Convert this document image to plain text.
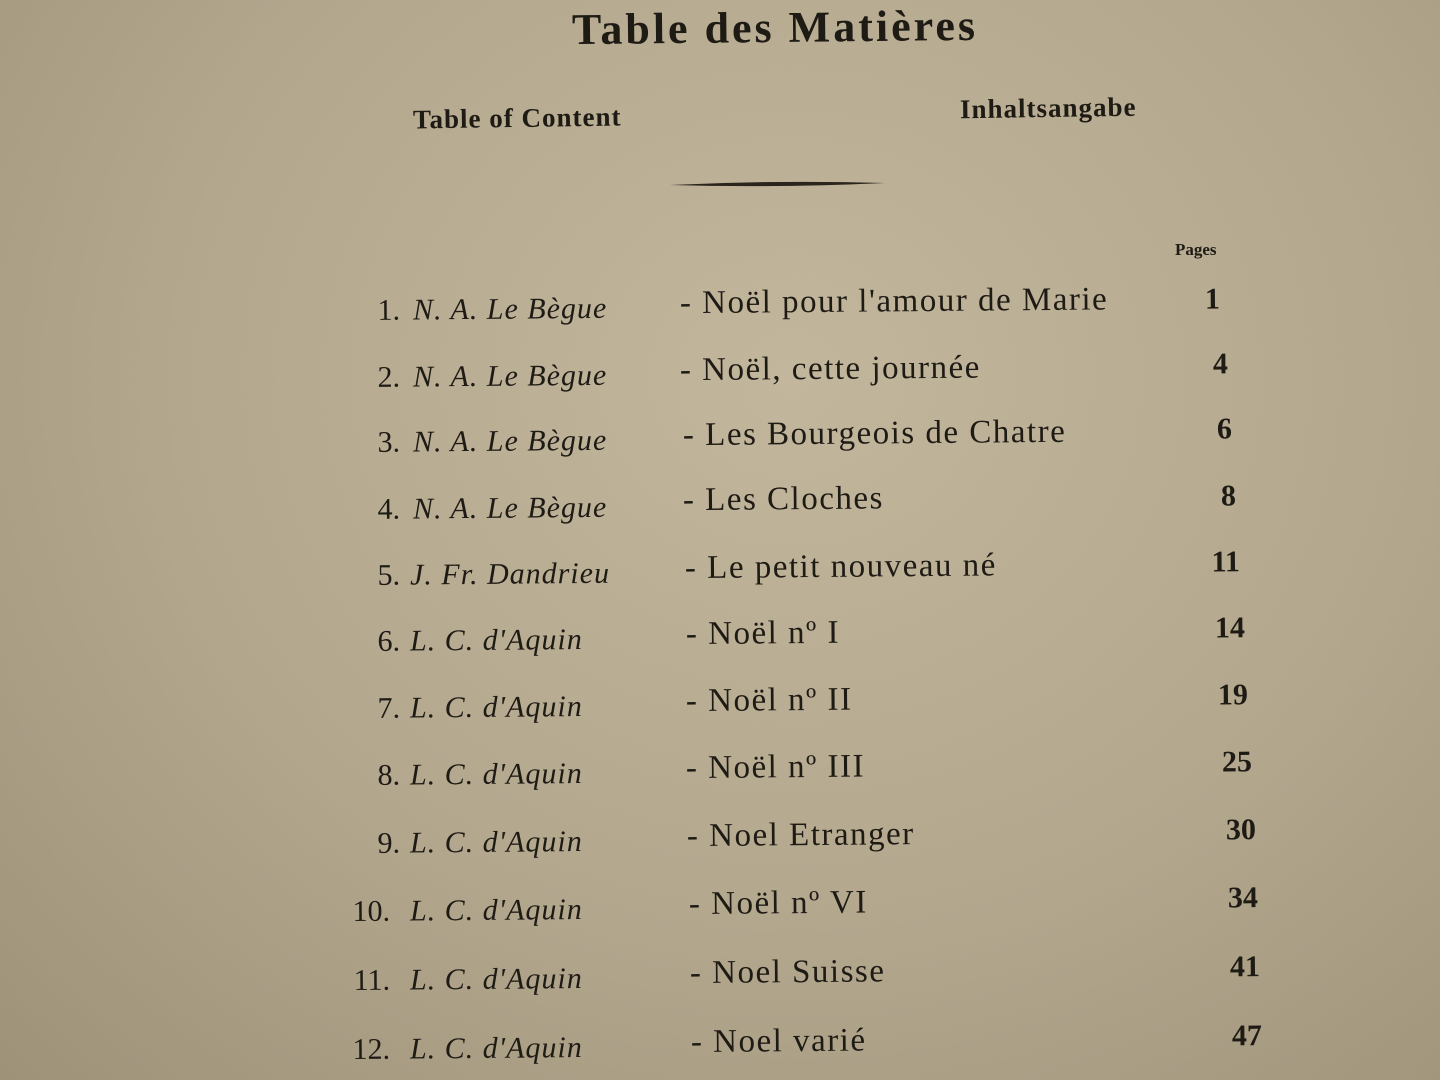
Table des Matières
Table of Content	Inhaltsangabe
Pages
1. N. A. Le Bègue - Noël pour l'amour de Marie	1
2. N. A. Le Bègue - Noël, cette journée	4
3. N. A. Le Bègue - Les Bourgeois de Chatre	6
4. N. A. Le Bègue - Les Cloches	8
5. J. Fr. Dandrieu - Le petit nouveau né	11
6. L. C. d'Aquin	- Noël nº I	14
7. L. C. d'Aquin	- Noël nº II	19
8. L. C. d'Aquin	- Noël nº III	25
9. L. C. d'Aquin	- Noel Etranger	30
10. L. C. d'Aquin	- Noël nº VI	34
11. L. C. d'Aquin	- Noel Suisse	41
12. L. C. d'Aquin	- Noel varié	47
